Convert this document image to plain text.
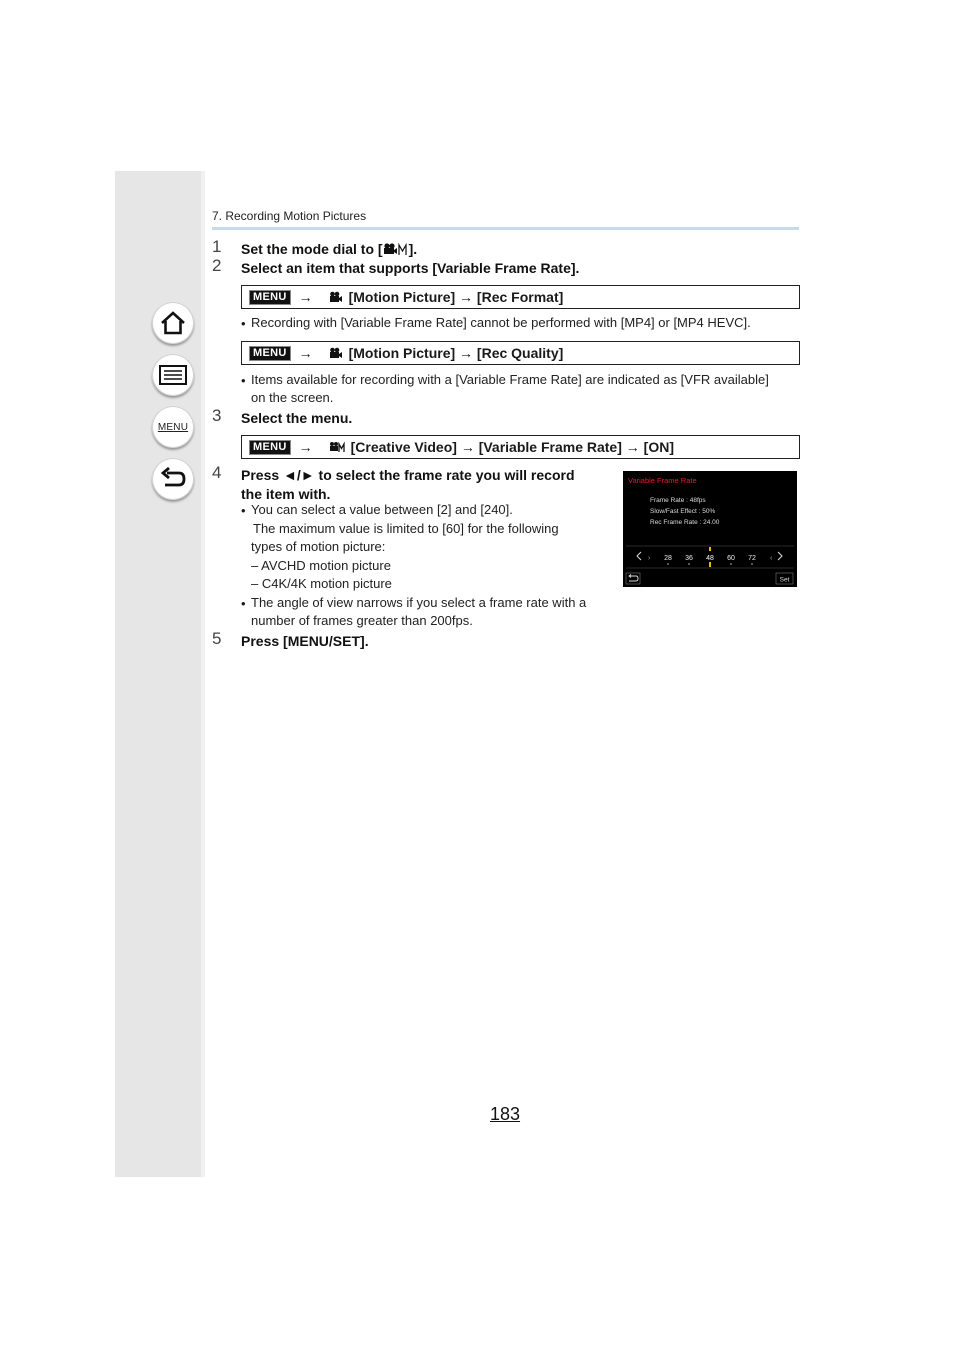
MENU
7. Recording Motion Pictures
1 Set the mode dial to [ ].
2 Select an item that supports [Variable Frame Rate].
MENU →	[Motion Picture] → [Rec Format]
• Recording with [Variable Frame Rate] cannot be performed with [MP4] or [MP4 HEVC].
MENU →	[Motion Picture] → [Rec Quality]
• Items available for recording with a [Variable Frame Rate] are indicated as [VFR available]
on the screen.
3 Select the menu.
MENU →	[Creative Video] → [Variable Frame Rate] → [ON]
4 Press ◄/► to select the frame rate you will record
the item with.
• You can select a value between [2] and [240].
The maximum value is limited to [60] for the following
types of motion picture:
– AVCHD motion picture
– C4K/4K motion picture
• The angle of view narrows if you select a frame rate with a
number of frames greater than 200fps.
Variable Frame Rate
Frame Rate : 48fps
Slow/Fast Effect : 50%
Rec Frame Rate : 24.00
›	‹
28 36 48 60 72
Set
5 Press [MENU/SET].
183
